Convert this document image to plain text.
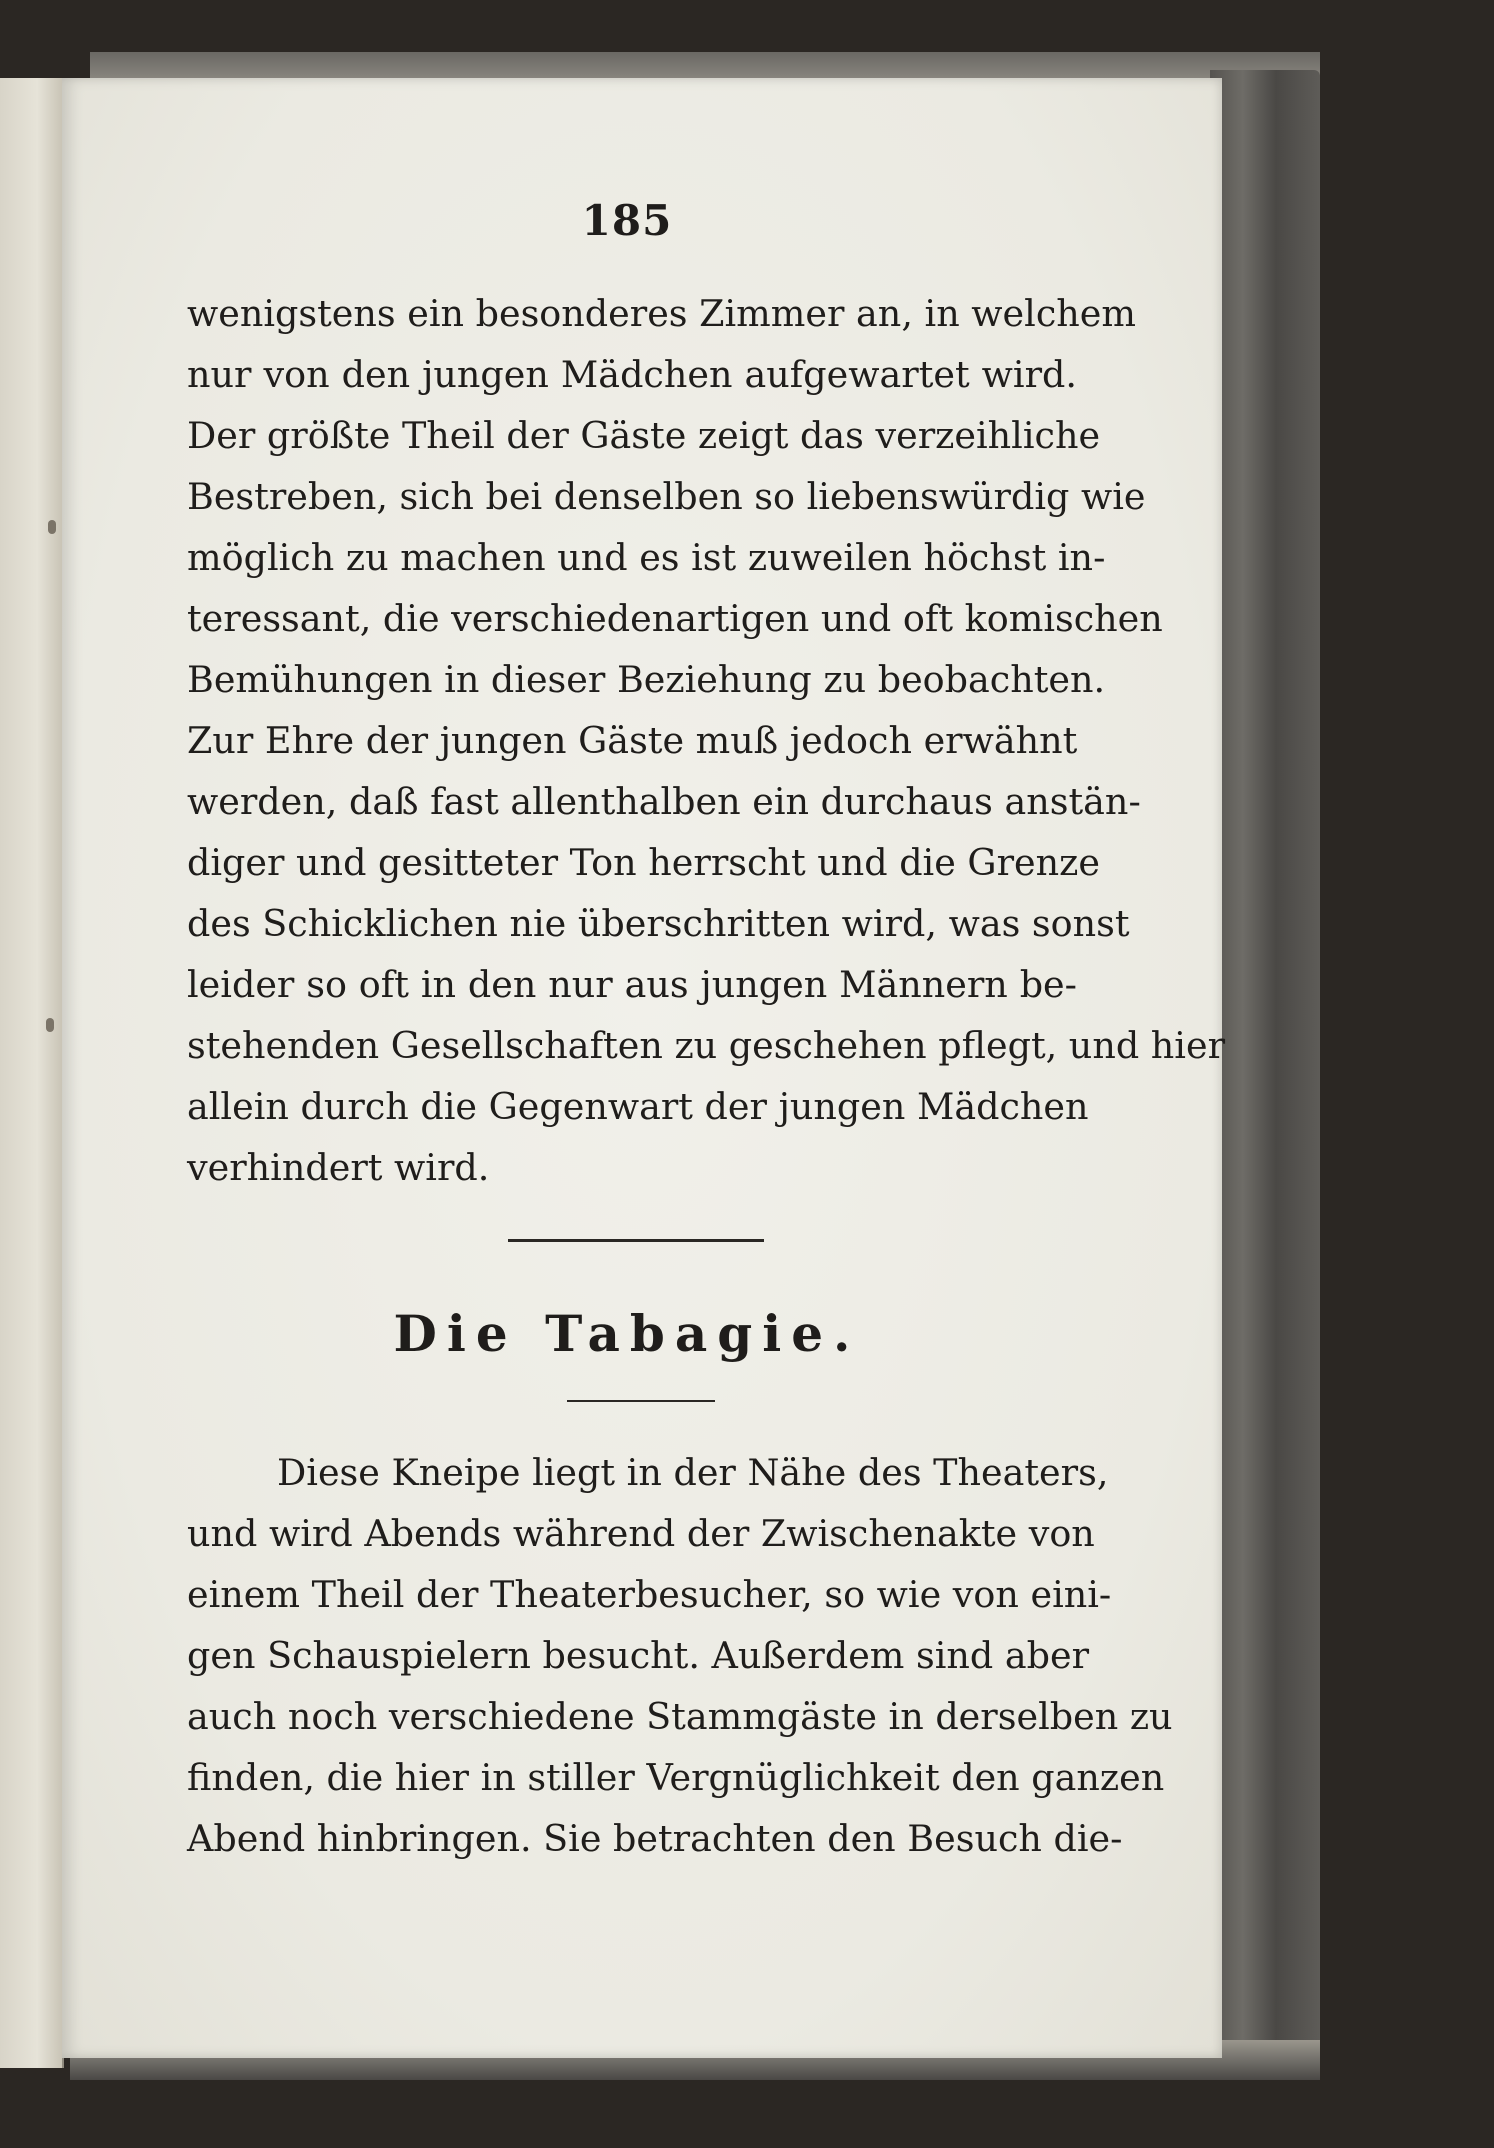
185
wenigstens ein besonderes Zimmer an, in welchem
nur von den jungen Mädchen aufgewartet wird.
Der größte Theil der Gäste zeigt das verzeihliche
Bestreben, sich bei denselben so liebenswürdig wie
möglich zu machen und es ist zuweilen höchst in-
teressant, die verschiedenartigen und oft komischen
Bemühungen in dieser Beziehung zu beobachten.
Zur Ehre der jungen Gäste muß jedoch erwähnt
werden, daß fast allenthalben ein durchaus anstän-
diger und gesitteter Ton herrscht und die Grenze
des Schicklichen nie überschritten wird, was sonst
leider so oft in den nur aus jungen Männern be-
stehenden Gesellschaften zu geschehen pflegt, und hier
allein durch die Gegenwart der jungen Mädchen
verhindert wird.
Die Tabagie.
Diese Kneipe liegt in der Nähe des Theaters,
und wird Abends während der Zwischenakte von
einem Theil der Theaterbesucher, so wie von eini-
gen Schauspielern besucht. Außerdem sind aber
auch noch verschiedene Stammgäste in derselben zu
finden, die hier in stiller Vergnüglichkeit den ganzen
Abend hinbringen. Sie betrachten den Besuch die-
